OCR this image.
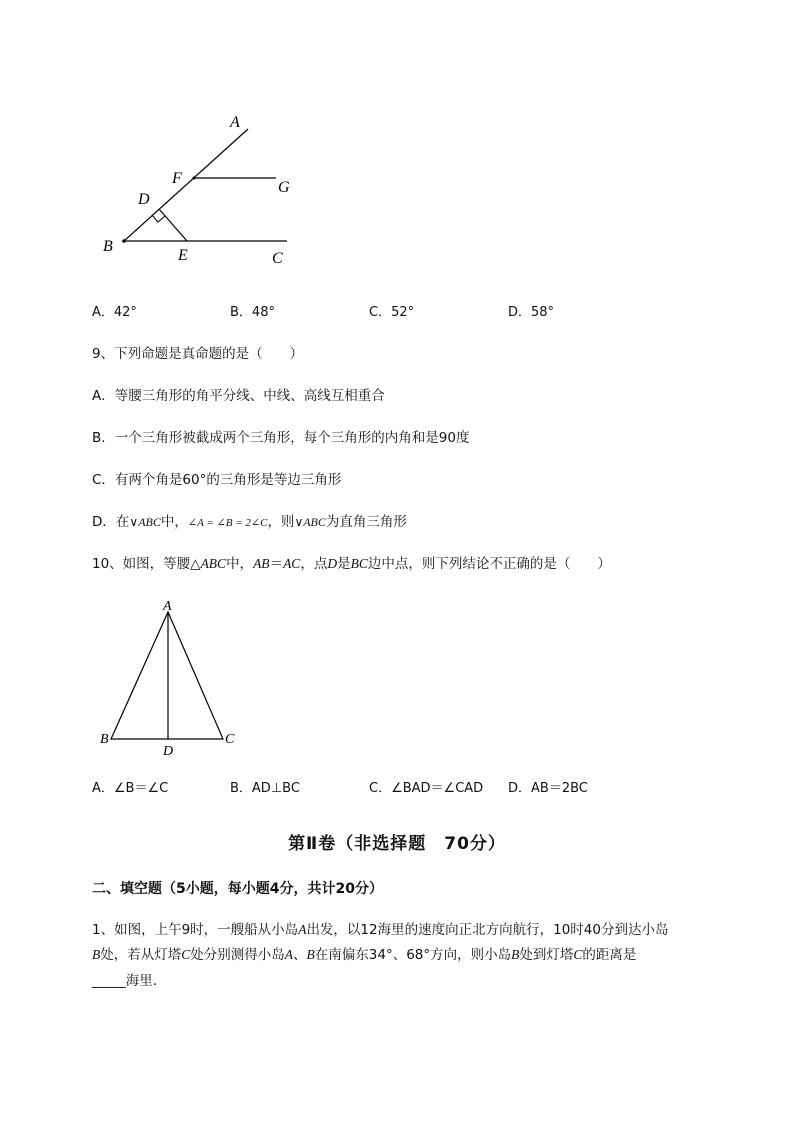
A
F
G
D
B
E	C
A．42°	B．48°	C．52°	D．58°
9、下列命题是真命题的是（　　）
A．等腰三角形的角平分线、中线、高线互相重合
B．一个三角形被截成两个三角形，每个三角形的内角和是90度
C．有两个角是60°的三角形是等边三角形
D．在∨ABC中，∠A = ∠B = 2∠C，则∨ABC为直角三角形
10、如图，等腰△ABC中，AB＝AC，点D是BC边中点，则下列结论不正确的是（　　）
A
B
D
C
A．∠B＝∠C	B．AD⊥BC	C．∠BAD＝∠CAD D．AB＝2BC
第Ⅱ卷（非选择题　70分）
二、填空题（5小题，每小题4分，共计20分）
1、如图，上午9时，一艘船从小岛A出发，以12海里的速度向正北方向航行，10时40分到达小岛
B处，若从灯塔C处分别测得小岛A、B在南偏东34°、68°方向，则小岛B处到灯塔C的距离是
_____海里．
